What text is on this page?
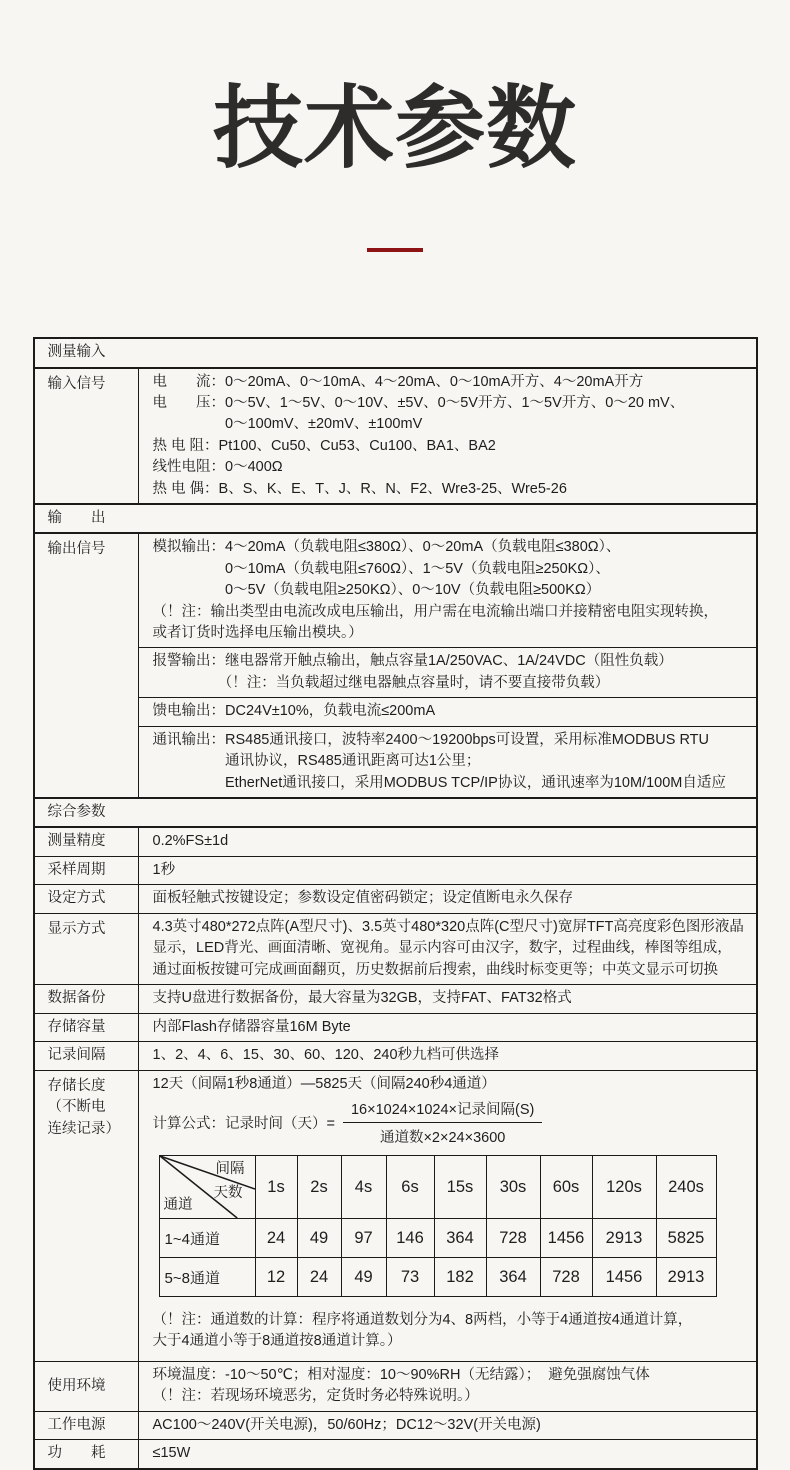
技术参数
测量输入
输入信号	电　　流：0～20mA、0～10mA、4～20mA、0～10mA开方、4～20mA开方
电　　压：0～5V、1～5V、0～10V、±5V、0～5V开方、1～5V开方、0～20 mV、
　　　　　0～100mV、±20mV、±100mV
热 电 阻：Pt100、Cu50、Cu53、Cu100、BA1、BA2
线性电阻：0～400Ω
热 电 偶：B、S、K、E、T、J、R、N、F2、Wre3-25、Wre5-26
输　　出
输出信号	模拟输出：4～20mA（负载电阻≤380Ω）、0～20mA（负载电阻≤380Ω）、
　　　　　0～10mA（负载电阻≤760Ω）、1～5V（负载电阻≥250KΩ）、
　　　　　0～5V（负载电阻≥250KΩ）、0～10V（负载电阻≥500KΩ）
（！注：输出类型由电流改成电压输出，用户需在电流输出端口并接精密电阻实现转换，
或者订货时选择电压输出模块。）
报警输出：继电器常开触点输出，触点容量1A/250VAC、1A/24VDC（阻性负载）
　　　　　（！注：当负载超过继电器触点容量时，请不要直接带负载）
馈电输出：DC24V±10%，负载电流≤200mA
通讯输出：RS485通讯接口，波特率2400～19200bps可设置，采用标准MODBUS RTU
　　　　　通讯协议，RS485通讯距离可达1公里；
　　　　　EtherNet通讯接口，采用MODBUS TCP/IP协议，通讯速率为10M/100M自适应
综合参数
测量精度	0.2%FS±1d
采样周期	1秒
设定方式	面板轻触式按键设定；参数设定值密码锁定；设定值断电永久保存
显示方式	4.3英寸480*272点阵(A型尺寸)、3.5英寸480*320点阵(C型尺寸)宽屏TFT高亮度彩色图形液晶
显示，LED背光、画面清晰、宽视角。显示内容可由汉字，数字，过程曲线，棒图等组成，
通过面板按键可完成画面翻页，历史数据前后搜索，曲线时标变更等；中英文显示可切换
数据备份	支持U盘进行数据备份，最大容量为32GB，支持FAT、FAT32格式
存储容量	内部Flash存储器容量16M Byte
记录间隔	1、2、4、6、15、30、60、120、240秒九档可供选择
存储长度
（不断电
连续记录）
12天（间隔1秒8通道）—5825天（间隔240秒4通道）
计算公式：记录时间（天）= $\frac{\text{16×1024×1024×记录间隔(S)}}{\text{通道数×2×24×3600}}$
间隔
天数
通道	1s	2s	4s	6s	15s	30s	60s	120s	240s
1~4通道	24	49	97	146	364	728	1456	2913	5825
5~8通道	12	24	49	73	182	364	728	1456	2913
（！注：通道数的计算：程序将通道数划分为4、8两档，小等于4通道按4通道计算，
大于4通道小等于8通道按8通道计算。）
使用环境
环境温度：-10～50℃；相对湿度：10～90%RH（无结露）；  避免强腐蚀气体
（！注：若现场环境恶劣，定货时务必特殊说明。）
工作电源	AC100～240V(开关电源)，50/60Hz；DC12～32V(开关电源)
功　　耗	≤15W
